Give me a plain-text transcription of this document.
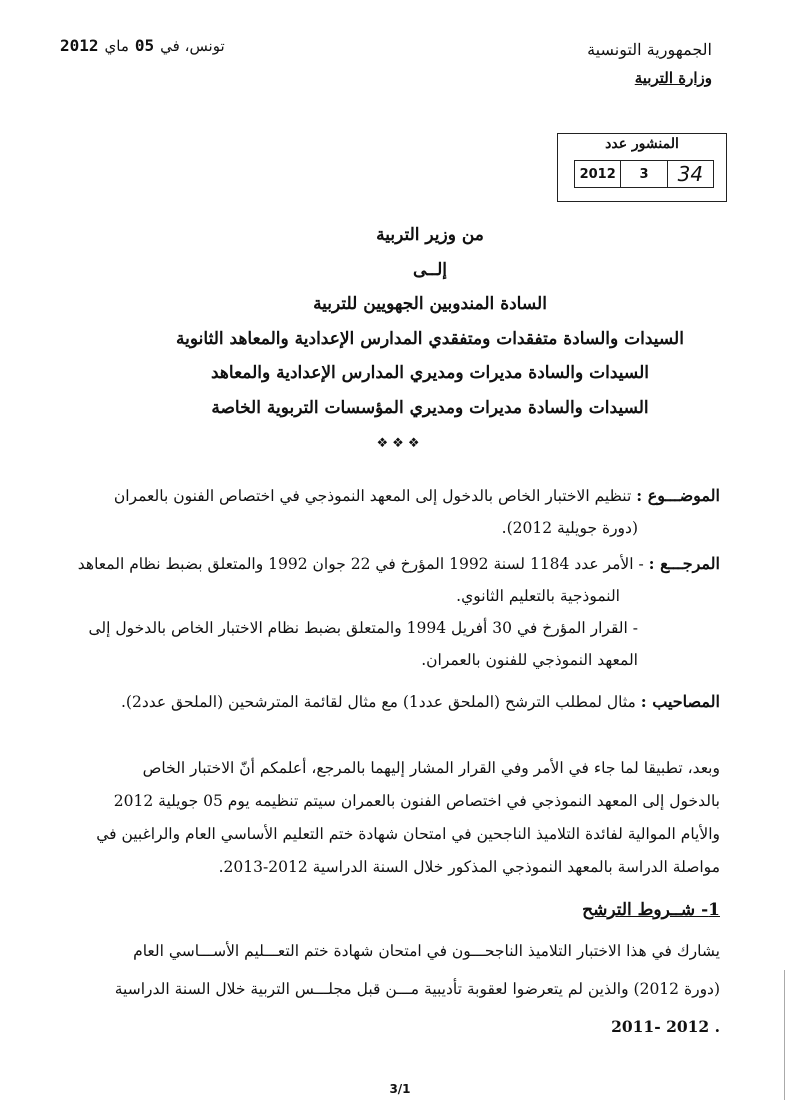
الجمهورية التونسية
وزارة التربية
تونس، في
05
ماي
2012
المنشور عدد
2012	3	34
من وزير التربية
إلــى
السادة المندوبين الجهويين للتربية
السيدات والسادة متفقدات ومتفقدي المدارس الإعدادية والمعاهد الثانوية
السيدات والسادة مديرات ومديري المدارس الإعدادية والمعاهد
السيدات والسادة مديرات ومديري المؤسسات التربوية الخاصة
❖❖❖
الموضـــوع : تنظيم الاختبار الخاص بالدخول إلى المعهد النموذجي في اختصاص الفنون بالعمران
(دورة جويلية 2012).
المرجـــع : - الأمر عدد 1184 لسنة 1992 المؤرخ في 22 جوان 1992 والمتعلق بضبط نظام المعاهد
النموذجية بالتعليم الثانوي.
- القرار المؤرخ في 30 أفريل 1994 والمتعلق بضبط نظام الاختبار الخاص بالدخول إلى
المعهد النموذجي للفنون بالعمران.
المصاحيب : مثال لمطلب الترشح (الملحق عدد1) مع مثال لقائمة المترشحين (الملحق عدد2).
وبعد، تطبيقا لما جاء في الأمر وفي القرار المشار إليهما بالمرجع، أعلمكم أنّ الاختبار الخاص
بالدخول إلى المعهد النموذجي في اختصاص الفنون بالعمران سيتم تنظيمه يوم 05 جويلية 2012
والأيام الموالية لفائدة التلاميذ الناجحين في امتحان شهادة ختم التعليم الأساسي العام والراغبين في
مواصلة الدراسة بالمعهد النموذجي المذكور خلال السنة الدراسية 2012-2013.
1- شــروط الترشح
يشارك في هذا الاختبار التلاميذ الناجحـــون في امتحان شهادة ختم التعـــليم الأســـاسي العام
(دورة 2012) والذين لم يتعرضوا لعقوبة تأديبية مـــن قبل مجلـــس التربية خلال السنة الدراسية
. 2012 -2011
3/1
